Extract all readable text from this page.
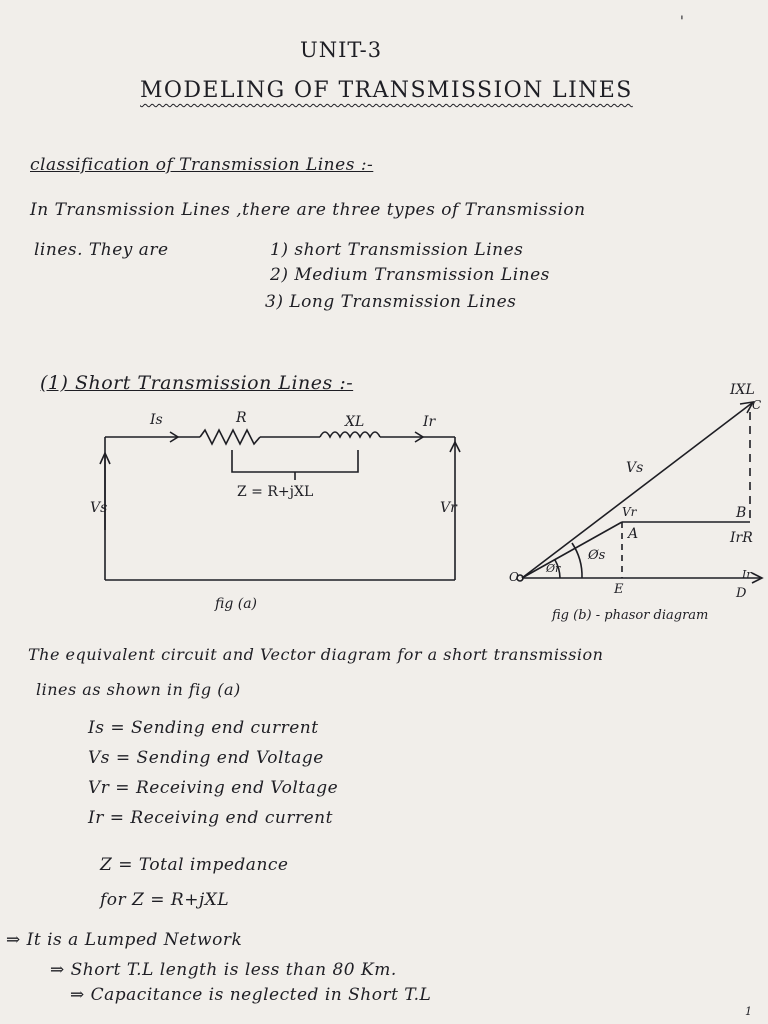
'
UNIT-3
MODELING OF TRANSMISSION LINES
classification of Transmission Lines :-
In Transmission Lines ,there are three types of Transmission
lines. They are	1) short Transmission Lines
2) Medium Transmission Lines
3) Long Transmission Lines
(1) Short Transmission Lines :-
Is	R	XL	Ir
Z = R+jXL
Vs	Vr
fig (a)
IXL
C
Vs
Vr	B
IrR
A
Øs
Ør
O
E	D
Ir
fig (b) - phasor diagram
The equivalent circuit and Vector diagram for a short transmission
lines as shown in fig (a)
Is = Sending end current
Vs = Sending end Voltage
Vr = Receiving end Voltage
Ir = Receiving end current
Z = Total impedance
for Z = R+jXL
⇒ It is a Lumped Network
⇒ Short T.L length is less than 80 Km.
⇒ Capacitance is neglected in Short T.L
1
